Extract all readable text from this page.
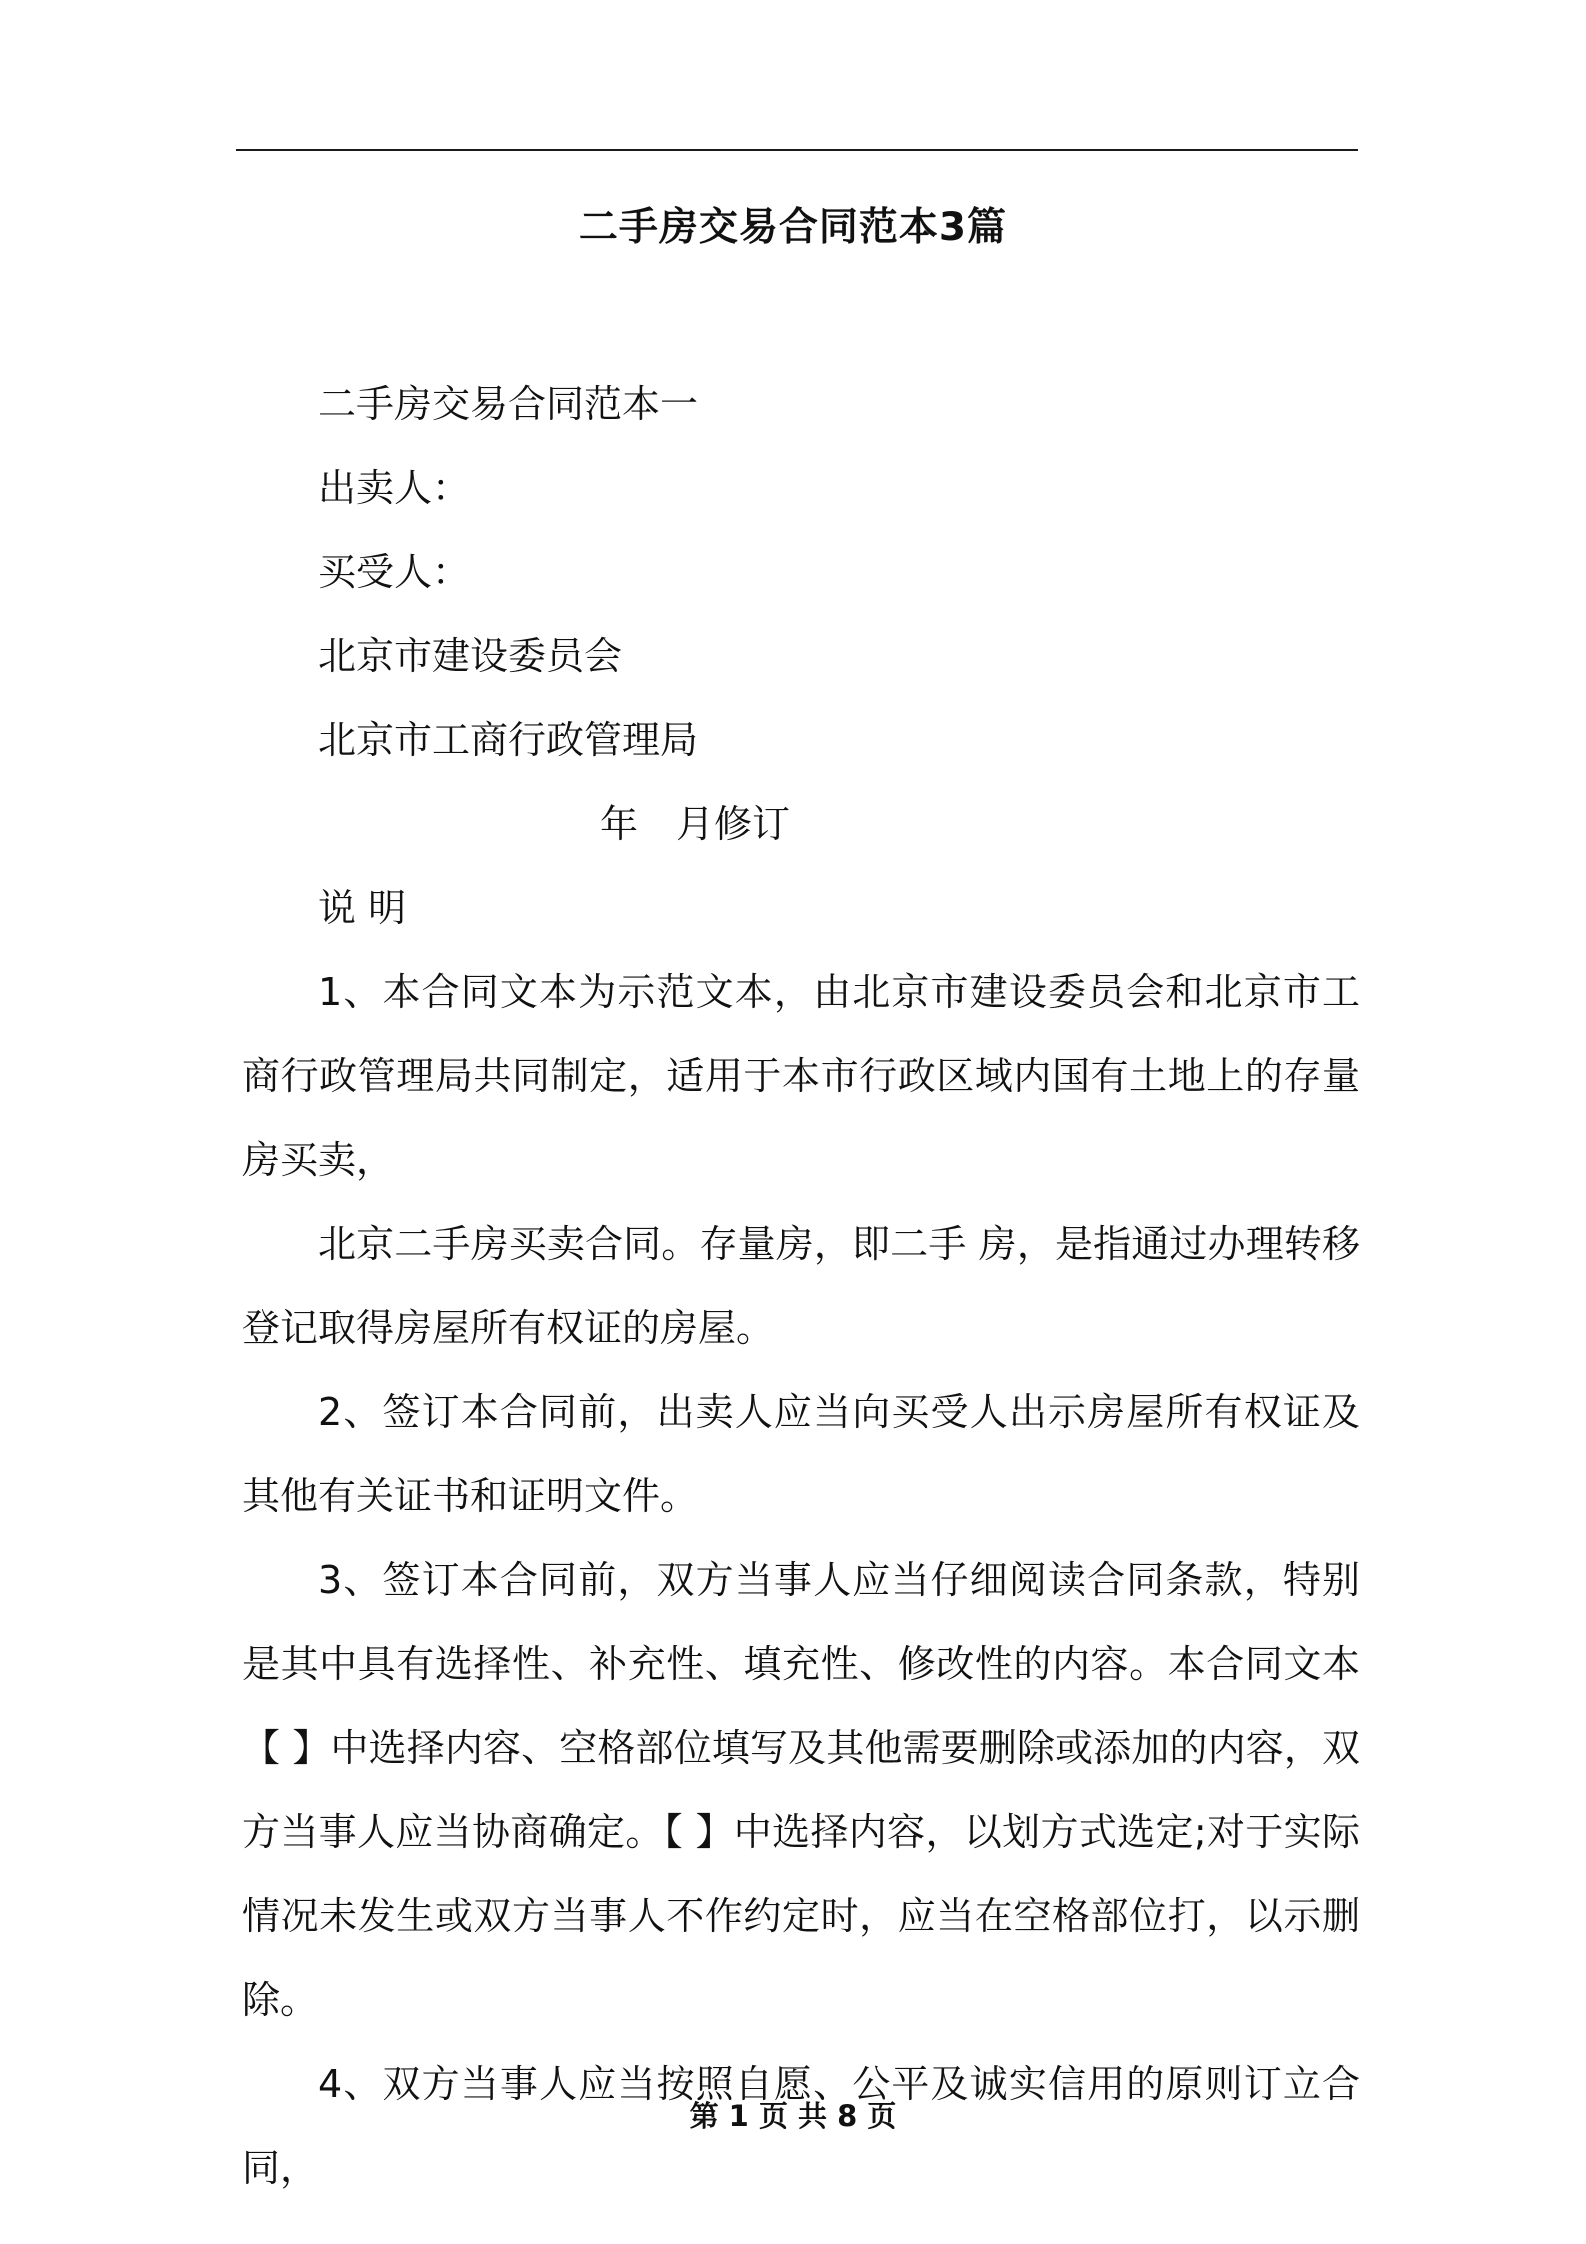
二手房交易合同范本3篇
二手房交易合同范本一
出卖人：
买受人：
北京市建设委员会
北京市工商行政管理局
年　月修订
说 明

1、本合同文本为示范文本，由北京市建设委员会和北京市工商行政管理局共同制定，适用于本市行政区域内国有土地上的存量房买卖，

北京二手房买卖合同。存量房，即二手 房，是指通过办理转移登记取得房屋所有权证的房屋。

2、签订本合同前，出卖人应当向买受人出示房屋所有权证及其他有关证书和证明文件。

3、签订本合同前，双方当事人应当仔细阅读合同条款，特别是其中具有选择性、补充性、填充性、修改性的内容。本合同文本【 】中选择内容、空格部位填写及其他需要删除或添加的内容，双方当事人应当协商确定。【 】中选择内容，以划方式选定;对于实际情况未发生或双方当事人不作约定时，应当在空格部位打，以示删除。

4、双方当事人应当按照自愿、公平及诚实信用的原则订立合同，

第 1 页 共 8 页
